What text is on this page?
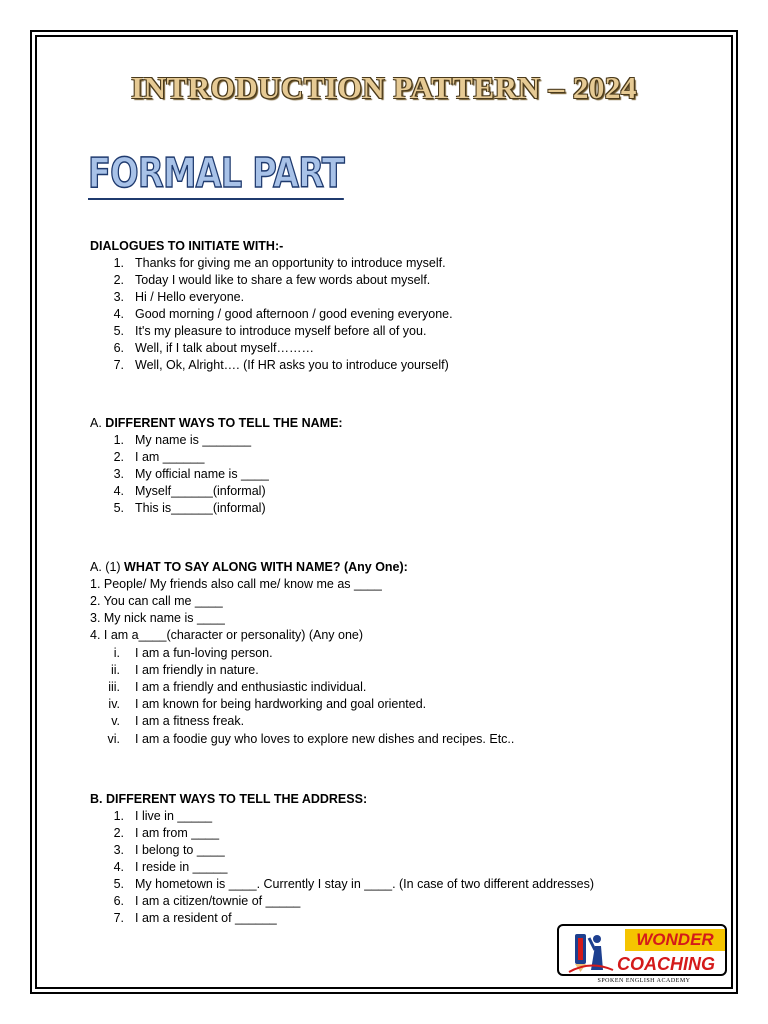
INTRODUCTION PATTERN – 2024
FORMAL PART
DIALOGUES TO INITIATE WITH:-
1. Thanks for giving me an opportunity to introduce myself.
2. Today I would like to share a few words about myself.
3. Hi / Hello everyone.
4. Good morning / good afternoon / good evening everyone.
5. It's my pleasure to introduce myself before all of you.
6. Well, if I talk about myself………
7. Well, Ok, Alright…. (If HR asks you to introduce yourself)
A. DIFFERENT WAYS TO TELL THE NAME:
1. My name is _______
2. I am ______
3. My official name is ____
4. Myself______(informal)
5. This is______(informal)
A. (1) WHAT TO SAY ALONG WITH NAME? (Any One):
1. People/ My friends also call me/ know me as ____
2. You can call me ____
3. My nick name is ____
4. I am a____(character or personality) (Any one)
i. I am a fun-loving person.
ii. I am friendly in nature.
iii. I am a friendly and enthusiastic individual.
iv. I am known for being hardworking and goal oriented.
v. I am a fitness freak.
vi. I am a foodie guy who loves to explore new dishes and recipes. Etc..
B. DIFFERENT WAYS TO TELL THE ADDRESS:
1. I live in _____
2. I am from ____
3. I belong to ____
4. I reside in _____
5. My hometown is ____. Currently I stay in ____. (In case of two different addresses)
6. I am a citizen/townie of _____
7. I am a resident of ______
WONDER
COACHING
SPOKEN ENGLISH ACADEMY
